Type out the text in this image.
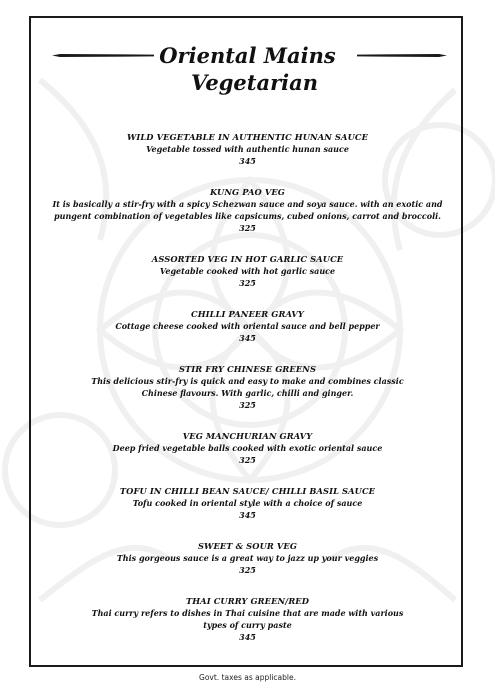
Oriental Mains
Vegetarian
WILD VEGETABLE IN AUTHENTIC HUNAN SAUCE
Vegetable tossed with authentic hunan sauce
345
KUNG PAO VEG
It is basically a stir-fry with a spicy Schezwan sauce and soya sauce. with an exotic and
pungent combination of vegetables like capsicums, cubed onions, carrot and broccoli.
325
ASSORTED VEG IN HOT GARLIC SAUCE
Vegetable cooked with hot garlic sauce
325
CHILLI PANEER GRAVY
Cottage cheese cooked with oriental sauce and bell pepper
345
STIR FRY CHINESE GREENS
This delicious stir-fry is quick and easy to make and combines classic
Chinese flavours. With garlic, chilli and ginger.
325
VEG MANCHURIAN GRAVY
Deep fried vegetable balls cooked with exotic oriental sauce
325
TOFU IN CHILLI BEAN SAUCE/ CHILLI BASIL SAUCE
Tofu cooked in oriental style with a choice of sauce
345
SWEET & SOUR VEG
This gorgeous sauce is a great way to jazz up your veggies
325
THAI CURRY GREEN/RED
Thai curry refers to dishes in Thai cuisine that are made with various
types of curry paste
345
Govt. taxes as applicable.
